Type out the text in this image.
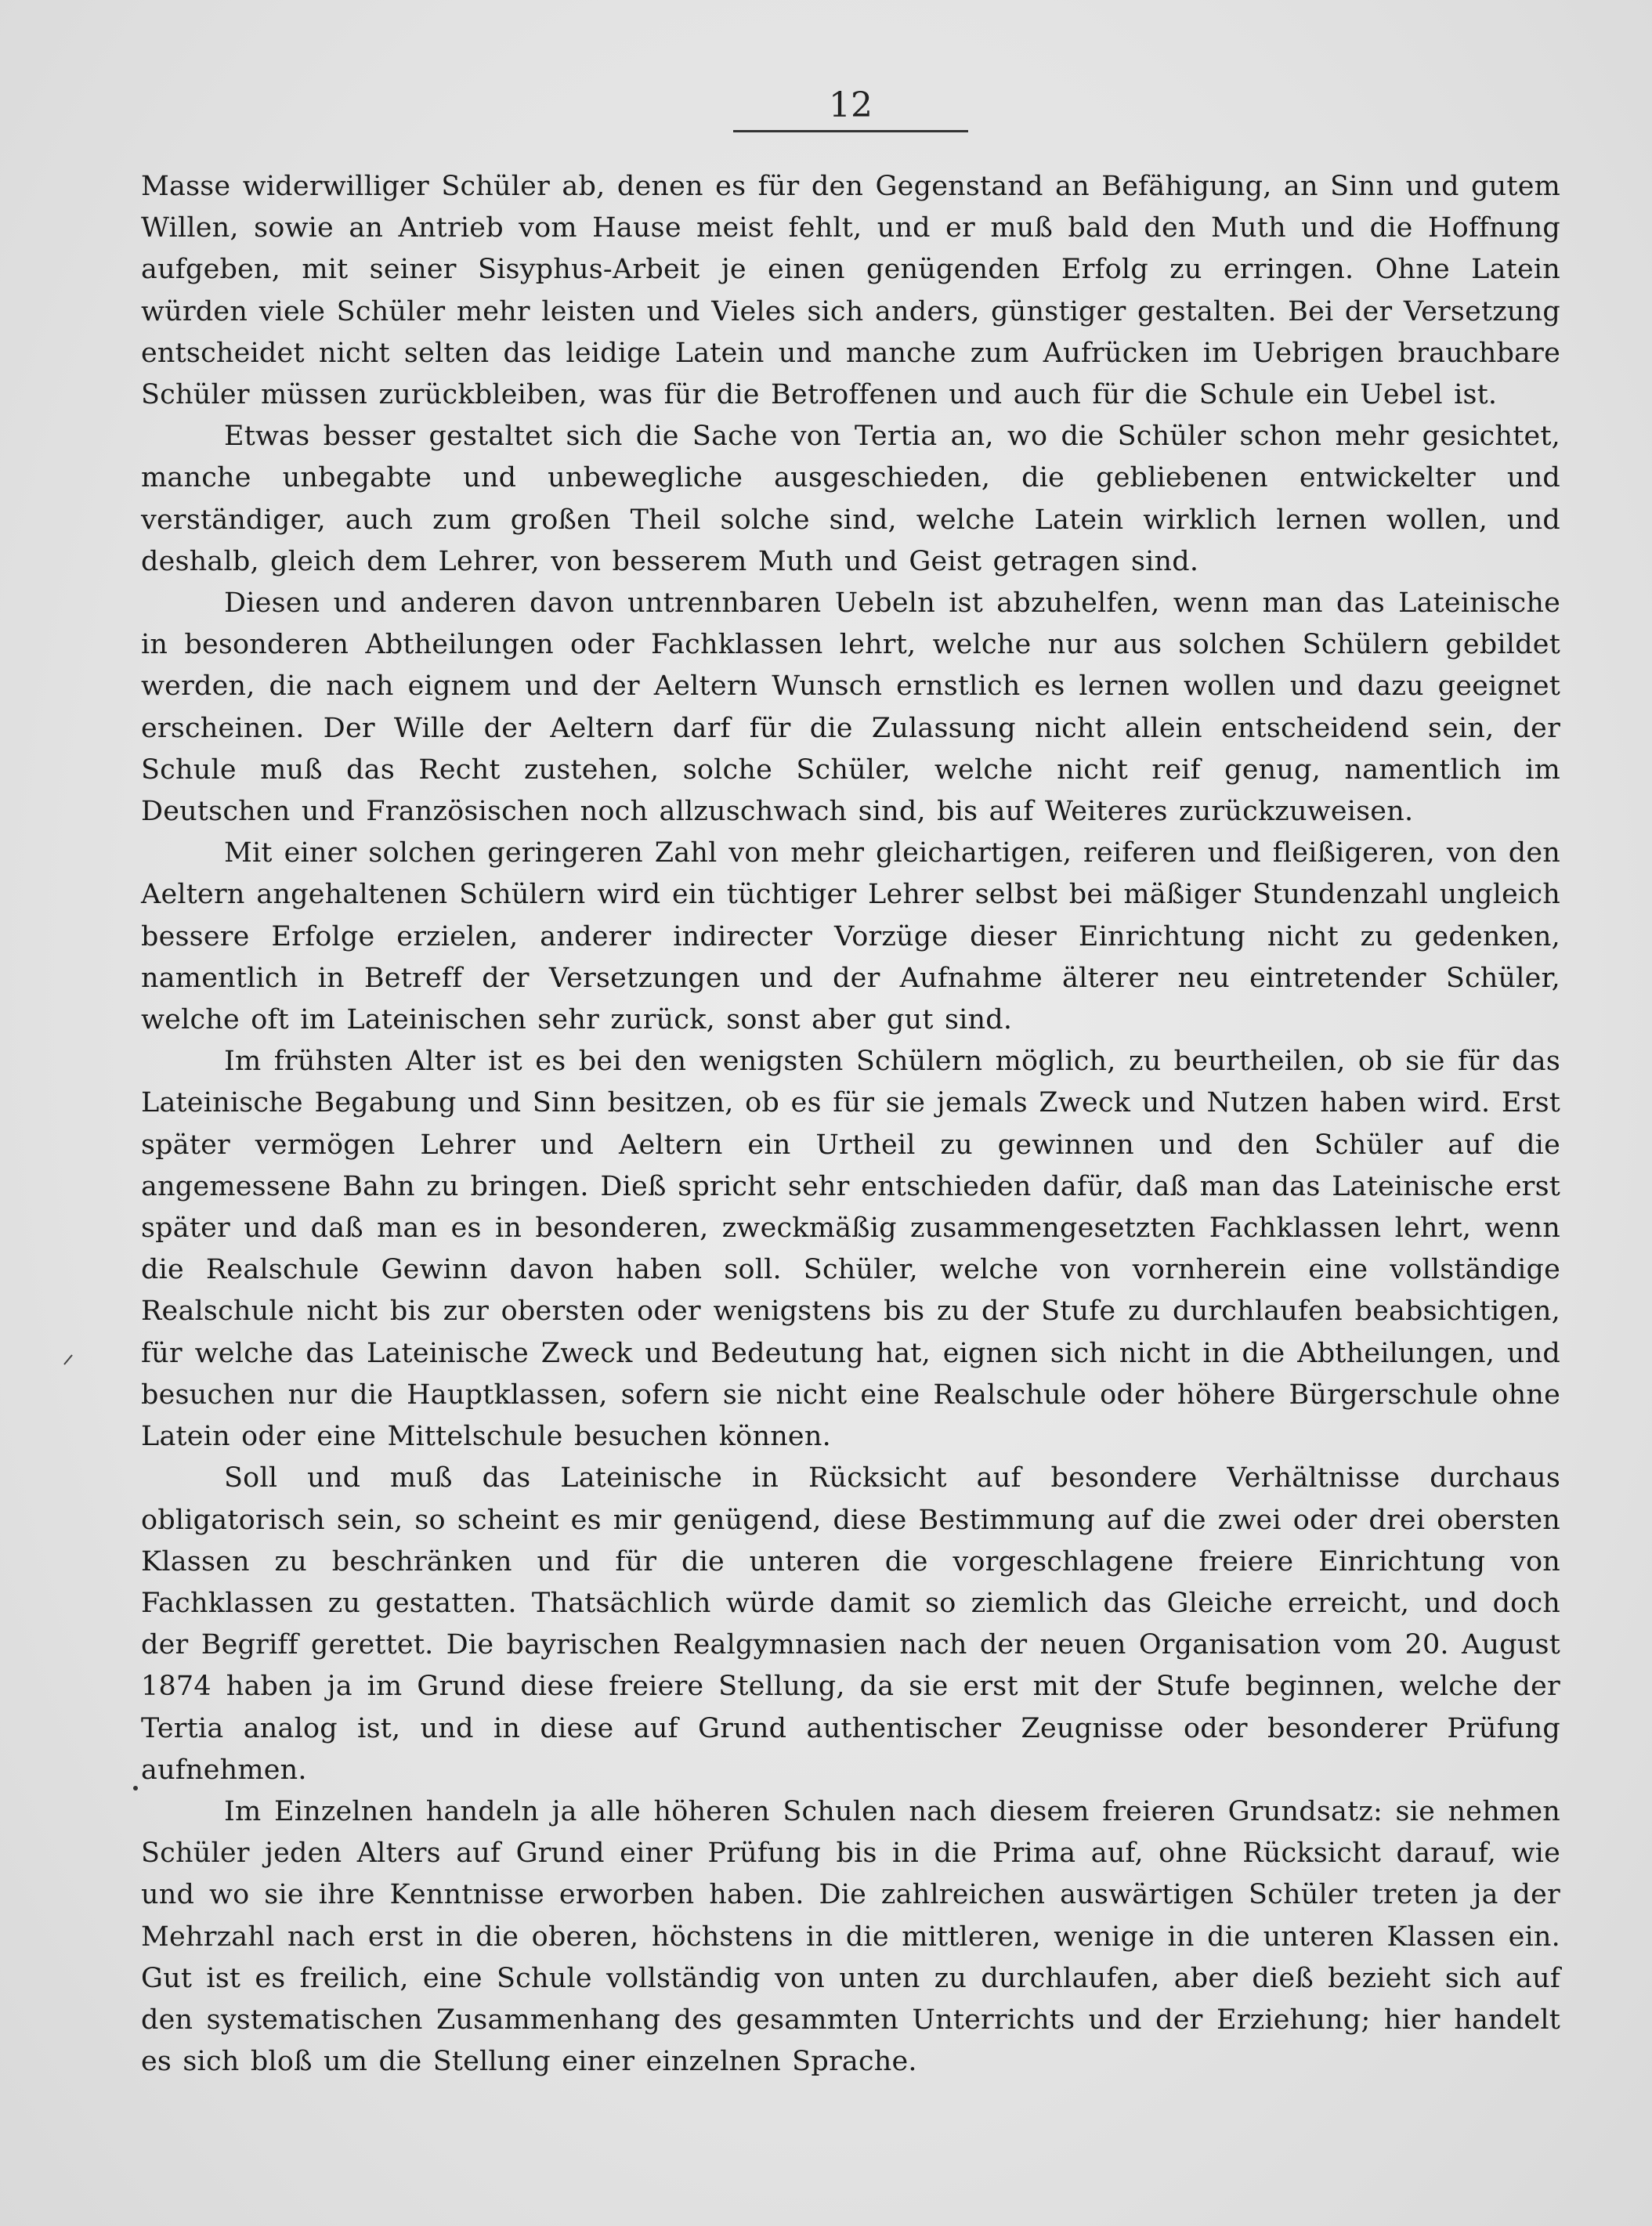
12

Masse widerwilliger Schüler ab, denen es für den Gegenstand an Befähigung, an Sinn und gutem Willen, sowie an Antrieb vom Hause meist fehlt, und er muß bald den Muth und die Hoffnung aufgeben, mit seiner Sisyphus-Arbeit je einen genügenden Erfolg zu erringen. Ohne Latein würden viele Schüler mehr leisten und Vieles sich anders, günstiger gestalten. Bei der Versetzung entscheidet nicht selten das leidige Latein und manche zum Aufrücken im Uebrigen brauchbare Schüler müssen zurückbleiben, was für die Betroffenen und auch für die Schule ein Uebel ist.

Etwas besser gestaltet sich die Sache von Tertia an, wo die Schüler schon mehr gesichtet, manche unbegabte und unbewegliche ausgeschieden, die gebliebenen entwickelter und verständiger, auch zum großen Theil solche sind, welche Latein wirklich lernen wollen, und deshalb, gleich dem Lehrer, von besserem Muth und Geist getragen sind.

Diesen und anderen davon untrennbaren Uebeln ist abzuhelfen, wenn man das Lateinische in besonderen Abtheilungen oder Fachklassen lehrt, welche nur aus solchen Schülern gebildet werden, die nach eignem und der Aeltern Wunsch ernstlich es lernen wollen und dazu geeignet erscheinen. Der Wille der Aeltern darf für die Zulassung nicht allein entscheidend sein, der Schule muß das Recht zustehen, solche Schüler, welche nicht reif genug, namentlich im Deutschen und Französischen noch allzuschwach sind, bis auf Weiteres zurückzuweisen.

Mit einer solchen geringeren Zahl von mehr gleichartigen, reiferen und fleißigeren, von den Aeltern angehaltenen Schülern wird ein tüchtiger Lehrer selbst bei mäßiger Stundenzahl ungleich bessere Erfolge erzielen, anderer indirecter Vorzüge dieser Einrichtung nicht zu gedenken, namentlich in Betreff der Versetzungen und der Aufnahme älterer neu eintretender Schüler, welche oft im Lateinischen sehr zurück, sonst aber gut sind.

Im frühsten Alter ist es bei den wenigsten Schülern möglich, zu beurtheilen, ob sie für das Lateinische Begabung und Sinn besitzen, ob es für sie jemals Zweck und Nutzen haben wird. Erst später vermögen Lehrer und Aeltern ein Urtheil zu gewinnen und den Schüler auf die angemessene Bahn zu bringen. Dieß spricht sehr entschieden dafür, daß man das Lateinische erst später und daß man es in besonderen, zweckmäßig zusammengesetzten Fachklassen lehrt, wenn die Realschule Gewinn davon haben soll. Schüler, welche von vornherein eine vollständige Realschule nicht bis zur obersten oder wenigstens bis zu der Stufe zu durchlaufen beabsichtigen, für welche das Lateinische Zweck und Bedeutung hat, eignen sich nicht in die Abtheilungen, und besuchen nur die Hauptklassen, sofern sie nicht eine Realschule oder höhere Bürgerschule ohne Latein oder eine Mittelschule besuchen können.

Soll und muß das Lateinische in Rücksicht auf besondere Verhältnisse durchaus obligatorisch sein, so scheint es mir genügend, diese Bestimmung auf die zwei oder drei obersten Klassen zu beschränken und für die unteren die vorgeschlagene freiere Einrichtung von Fachklassen zu gestatten. Thatsächlich würde damit so ziemlich das Gleiche erreicht, und doch der Begriff gerettet. Die bayrischen Realgymnasien nach der neuen Organisation vom 20. August 1874 haben ja im Grund diese freiere Stellung, da sie erst mit der Stufe beginnen, welche der Tertia analog ist, und in diese auf Grund authentischer Zeugnisse oder besonderer Prüfung aufnehmen.

Im Einzelnen handeln ja alle höheren Schulen nach diesem freieren Grundsatz: sie nehmen Schüler jeden Alters auf Grund einer Prüfung bis in die Prima auf, ohne Rücksicht darauf, wie und wo sie ihre Kenntnisse erworben haben. Die zahlreichen auswärtigen Schüler treten ja der Mehrzahl nach erst in die oberen, höchstens in die mittleren, wenige in die unteren Klassen ein. Gut ist es freilich, eine Schule vollständig von unten zu durchlaufen, aber dieß bezieht sich auf den systematischen Zusammenhang des gesammten Unterrichts und der Erziehung; hier handelt es sich bloß um die Stellung einer einzelnen Sprache.
